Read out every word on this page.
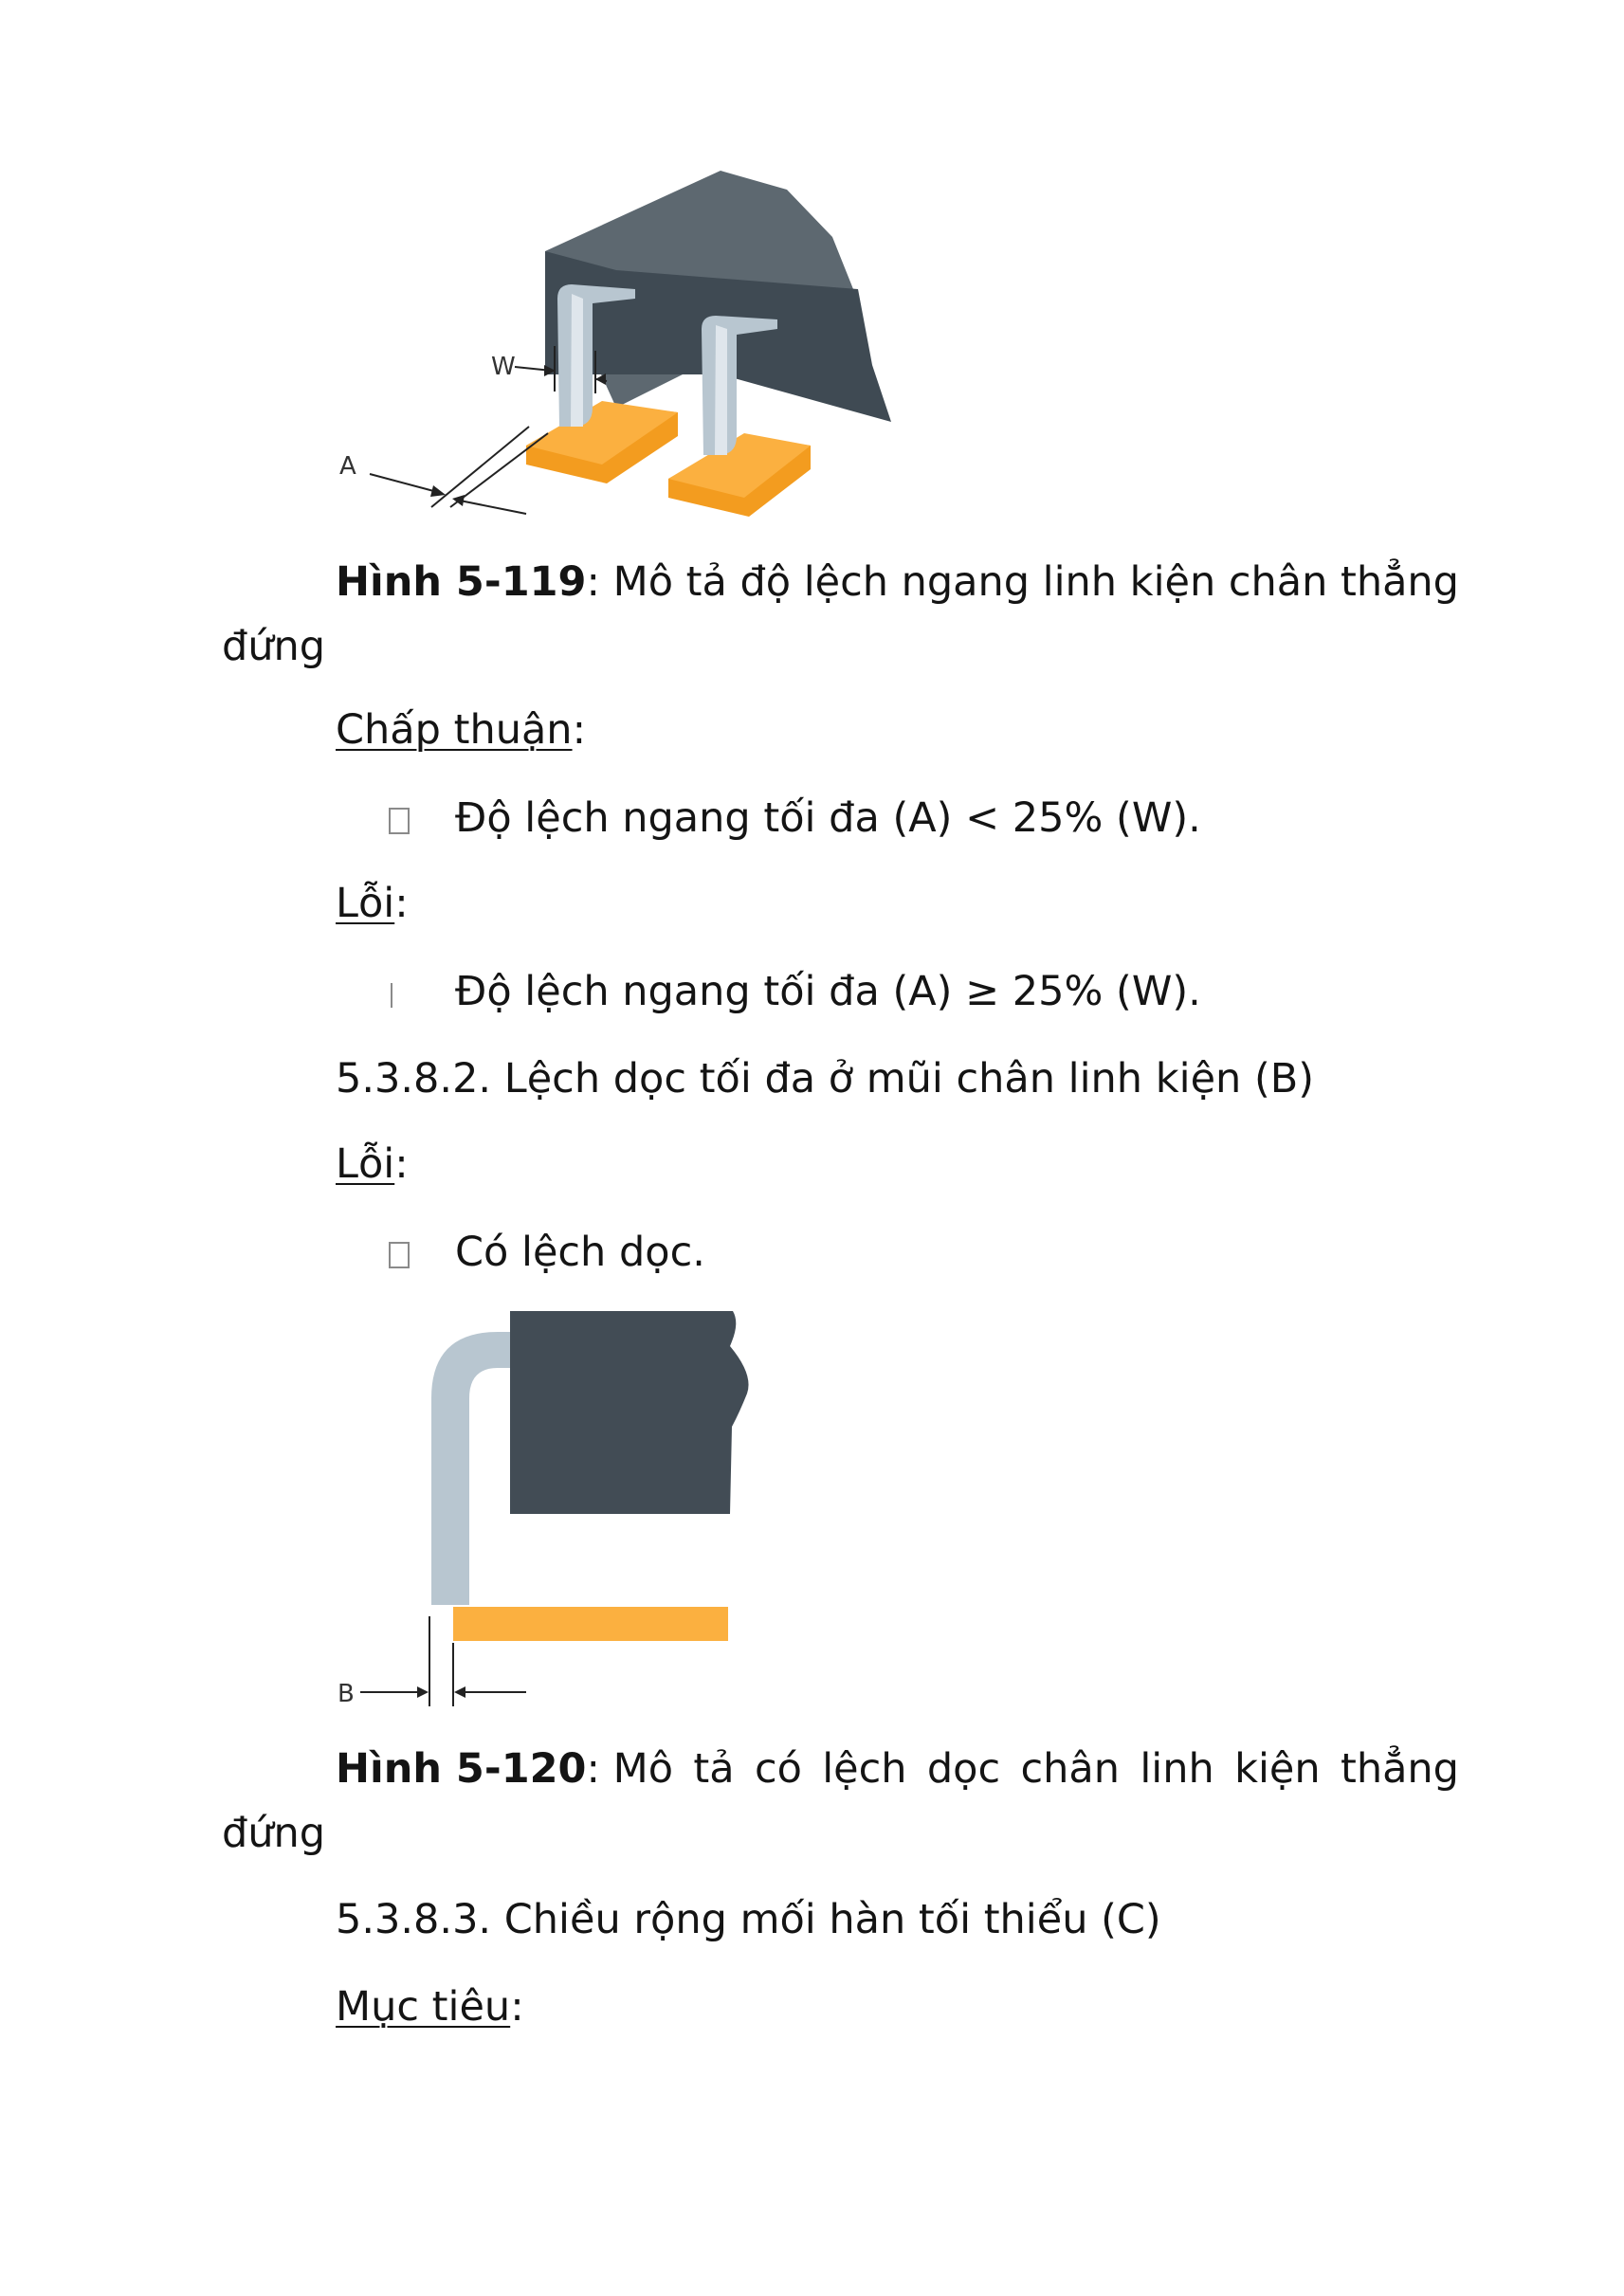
W
A
Hình 5-119: Mô tả độ lệch ngang linh kiện chân thẳng
đứng
Chấp thuận:
Độ lệch ngang tối đa (A) < 25% (W).
Lỗi:
Độ lệch ngang tối đa (A) ≥ 25% (W).
5.3.8.2. Lệch dọc tối đa ở mũi chân linh kiện (B)
Lỗi:
Có lệch dọc.
B
Hình 5-120: Mô tả có lệch dọc chân linh kiện thẳng
đứng
5.3.8.3. Chiều rộng mối hàn tối thiểu (C)
Mục tiêu:
